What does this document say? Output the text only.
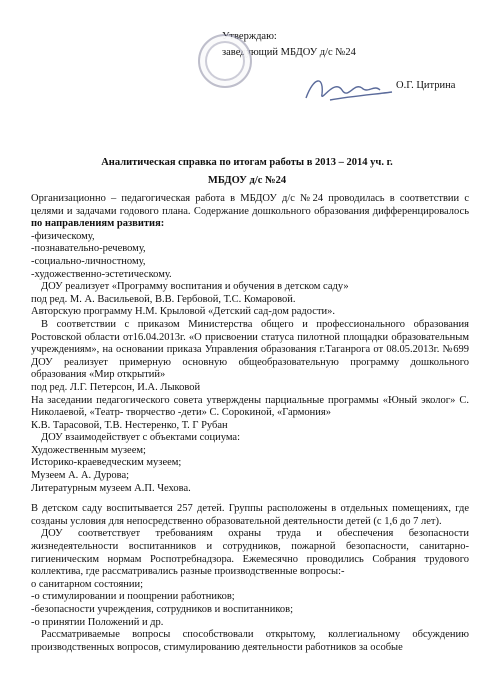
Утверждаю:
заведующий МБДОУ д/с №24
О.Г. Цитрина
Аналитическая справка по итогам работы в 2013 – 2014 уч. г.
МБДОУ д/с №24

Организационно – педагогическая работа в МБДОУ д/с №24 проводилась в соответствии с целями и задачами годового плана. Содержание дошкольного образования дифференцировалось по направлениям развития:

-физическому,

-познавательно-речевому,

-социально-личностному,

-художественно-эстетическому.

ДОУ реализует «Программу воспитания и обучения в детском саду»

под ред. М. А. Васильевой, В.В. Гербовой, Т.С. Комаровой.

Авторскую программу Н.М. Крыловой «Детский сад-дом радости».

В соответствии с приказом Министерства общего и профессионального образования Ростовской области от16.04.2013г. «О присвоении статуса пилотной площадки образовательным учреждениям», на основании приказа Управления образования г.Таганрога от 08.05.2013г. №699 ДОУ реализует примерную основную общеобразовательную программу дошкольного образования «Мир открытий»

под ред. Л.Г. Петерсон, И.А. Лыковой

На заседании педагогического совета утверждены парциальные программы «Юный эколог» С. Николаевой, «Театр- творчество -дети» С. Сорокиной, «Гармония»

К.В. Тарасовой, Т.В. Нестеренко, Т. Г Рубан

ДОУ взаимодействует с объектами социума:

Художественным музеем;

Историко-краеведческим музеем;

Музеем А. А. Дурова;

Литературным музеем А.П. Чехова.

В детском саду воспитывается 257 детей. Группы расположены в отдельных помещениях, где созданы условия для непосредственно образовательной деятельности детей (с 1,6 до 7 лет).

ДОУ соответствует требованиям охраны труда и обеспечения безопасности жизнедеятельности воспитанников и сотрудников, пожарной безопасности, санитарно-гигиеническим нормам Роспотребнадзора. Ежемесячно проводились Собрания трудового коллектива, где рассматривались разные производственные вопросы:-

о санитарном состоянии;

-о стимулировании и поощрении работников;

-безопасности учреждения, сотрудников и воспитанников;

-о принятии Положений и др.

Рассматриваемые вопросы способствовали открытому, коллегиальному обсуждению производственных вопросов, стимулированию деятельности работников за особые
